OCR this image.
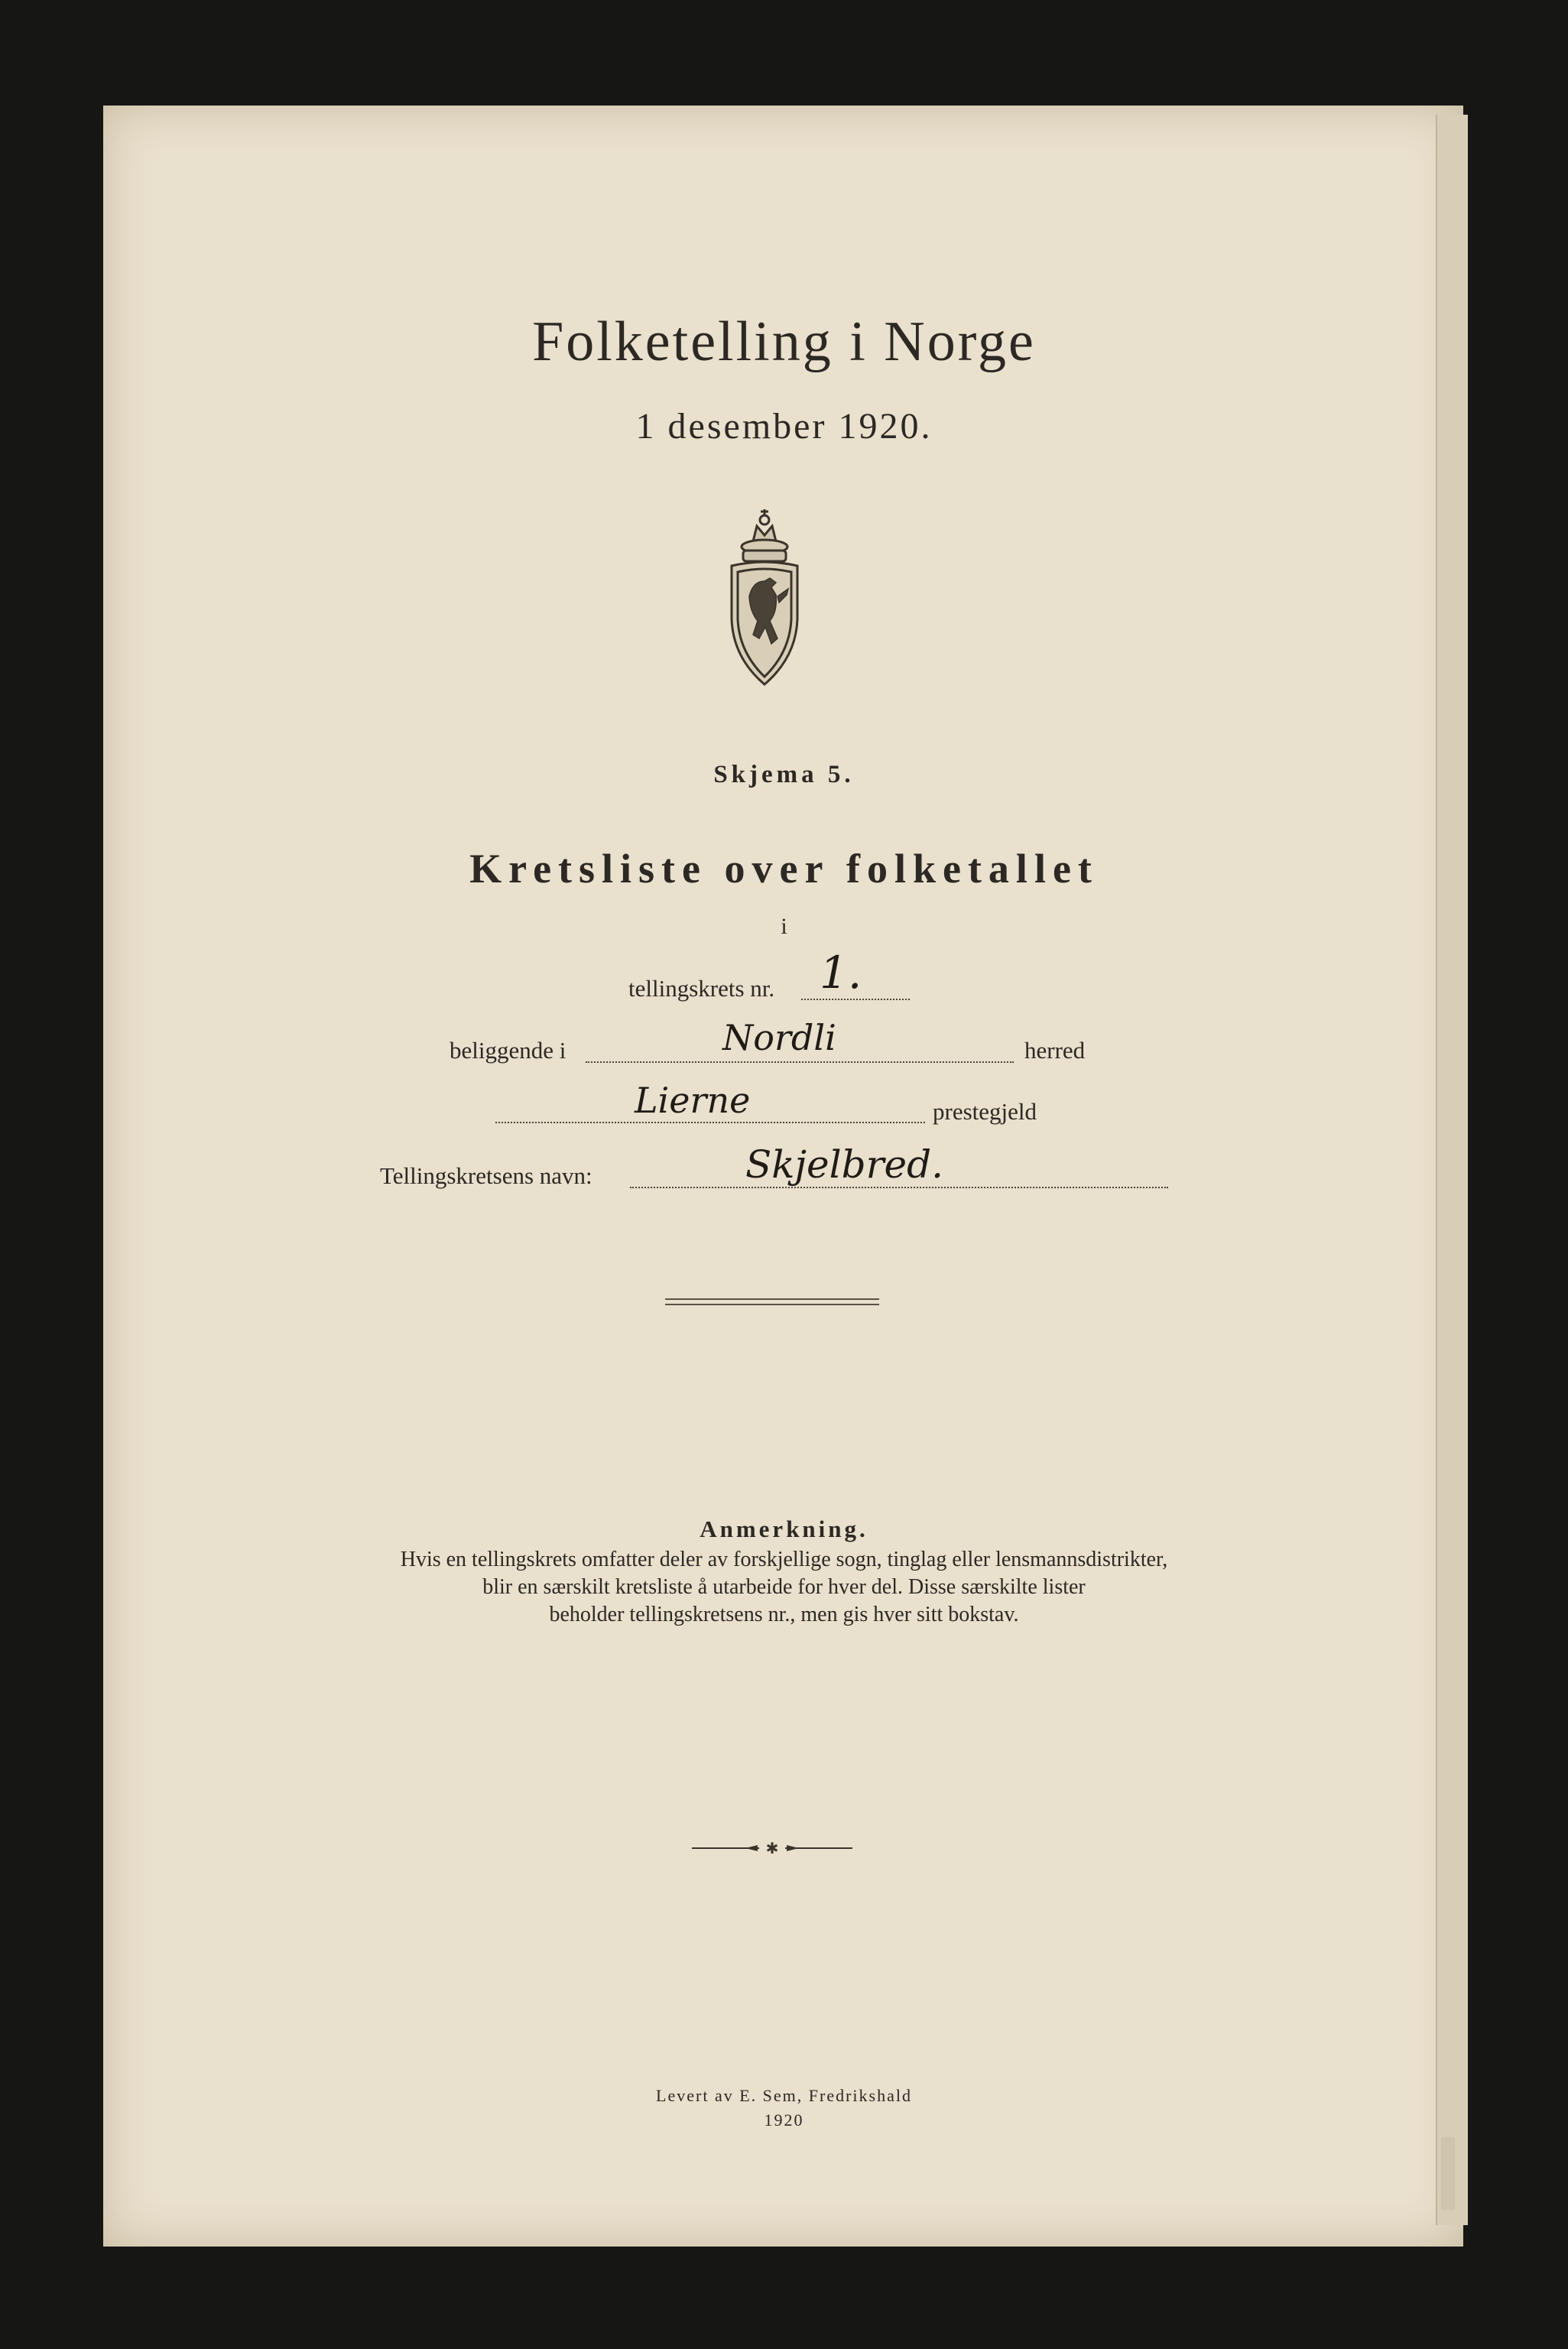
Folketelling i Norge
1 desember 1920.
Skjema 5.
Kretsliste over folketallet
i
tellingskrets nr. 1.
beliggende i	Nordli	herred
Lierne	prestegjeld
Tellingskretsens navn:	Skjelbred.
Anmerkning.
Hvis en tellingskrets omfatter deler av forskjellige sogn, tinglag eller lensmannsdistrikter,
blir en særskilt kretsliste å utarbeide for hver del. Disse særskilte lister
beholder tellingskretsens nr., men gis hver sitt bokstav.
✱
Levert av E. Sem, Fredrikshald
1920
